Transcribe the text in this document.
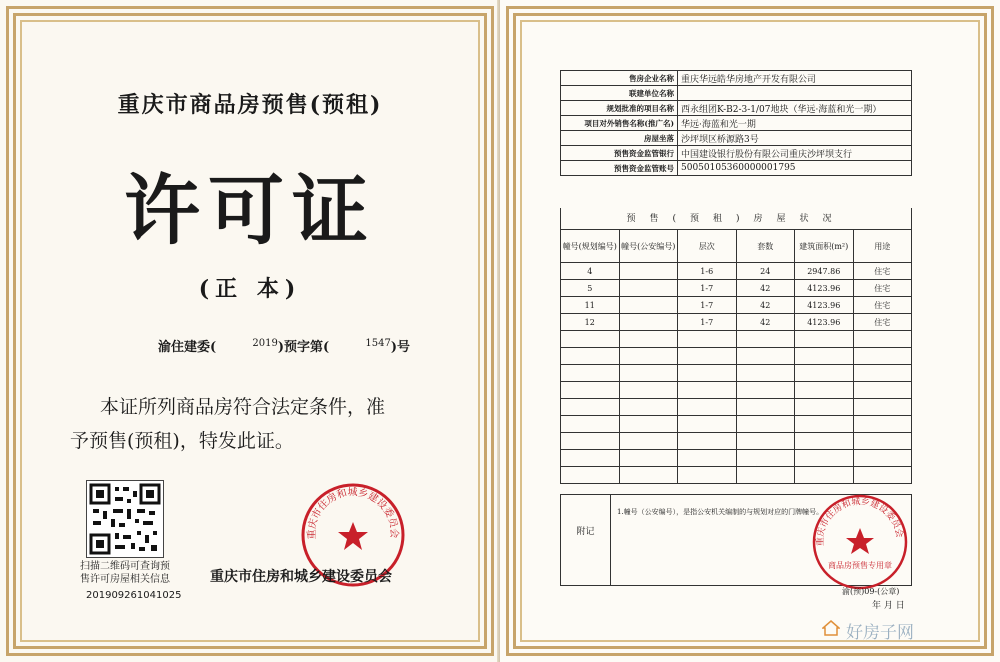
重庆市商品房预售(预租)
许可证
(正 本)
渝住建委(	$^{2019}$)预字第(	$^{1547}$)号

本证所列商品房符合法定条件，准

予预售(预租)，特发此证。

扫描二维码可查询预
售许可房屋相关信息
201909261041025
重庆市住房和城乡建设委员会
重庆市住房和城乡建设委员会
售房企业名称	重庆华远皓华房地产开发有限公司
联建单位名称	
规划批准的项目名称	西永组团K-B2-3-1/07地块（华远·海蓝和光一期）
项目对外销售名称(推广名)	华远·海蓝和光一期
房屋坐落	沙坪坝区桥源路3号
预售资金监管银行	中国建设银行股份有限公司重庆沙坪坝支行
预售资金监管账号	50050105360000001795
预售(预租)房屋状况
幢号(规划编号)	幢号(公安编号)	层次	套数	建筑面积(m²)	用途
4		1-6	24	2947.86	住宅
5		1-7	42	4123.96	住宅
11		1-7	42	4123.96	住宅
12		1-7	42	4123.96	住宅

附记
1.幢号（公安编号），是指公安机关编制的与规划对应的门牌幢号。
重庆市住房和城乡建设委员会
商品房预售专用章
渝(预)09-(公章)
年 月 日
好房子网
